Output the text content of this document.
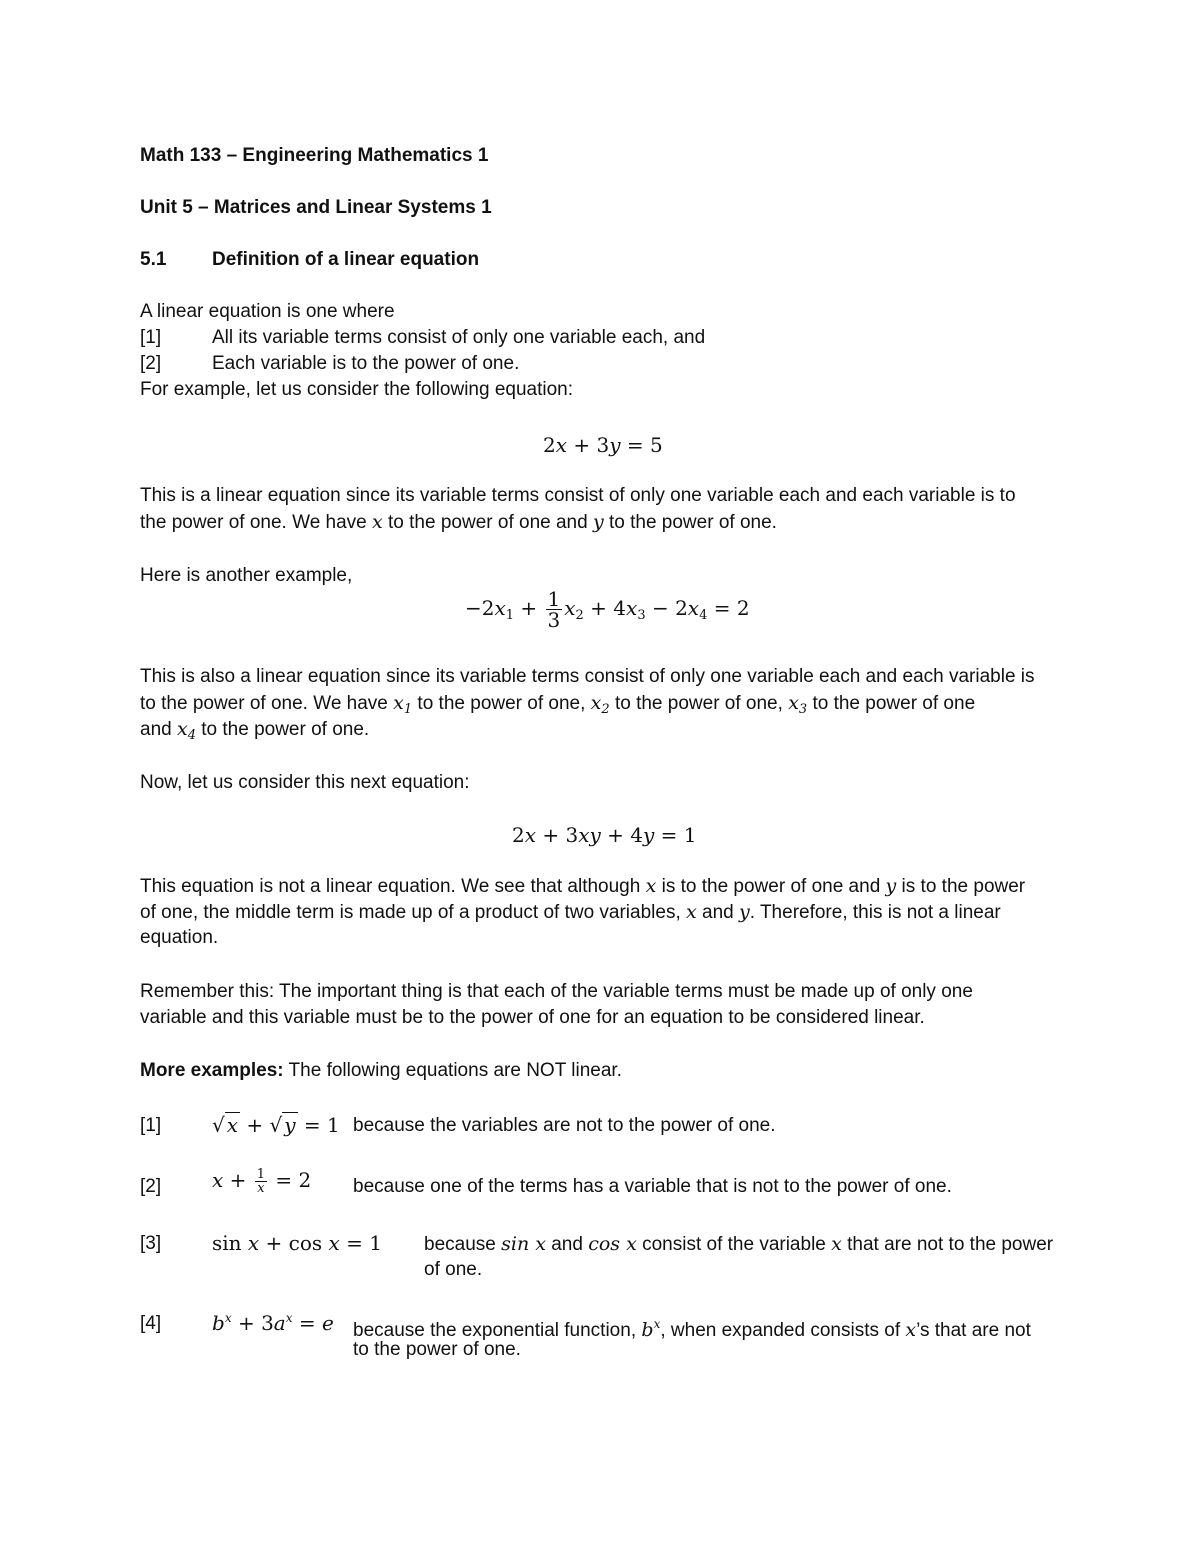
Math 133 – Engineering Mathematics 1
Unit 5 – Matrices and Linear Systems 1
5.1 Definition of a linear equation
A linear equation is one where
[1]	All its variable terms consist of only one variable each, and
[2]	Each variable is to the power of one.
For example, let us consider the following equation:
2x + 3y = 5
This is a linear equation since its variable terms consist of only one variable each and each variable is to
the power of one. We have x to the power of one and y to the power of one.
Here is another example,
$-2x_1 + \frac{1}{3} x_2 + 4x_3 - 2x_4 = 2$
This is also a linear equation since its variable terms consist of only one variable each and each variable is
to the power of one. We have $x_1$ to the power of one, $x_2$ to the power of one, $x_3$ to the power of one
and $x_4$ to the power of one.
Now, let us consider this next equation:
2x + 3xy + 4y = 1
This equation is not a linear equation. We see that although x is to the power of one and y is to the power
of one, the middle term is made up of a product of two variables, x and y. Therefore, this is not a linear
equation.
Remember this: The important thing is that each of the variable terms must be made up of only one
variable and this variable must be to the power of one for an equation to be considered linear.
More examples: The following equations are NOT linear.
[1]	√ x + √ y = 1 because the variables are not to the power of one.
[2]	$x + \frac{1}{x} = 2$ because one of the terms has a variable that is not to the power of one.
[3]	sin x + cos x = 1 because sin x and cos x consist of the variable x that are not to the power
of one.
[4]	$b^x + 3a^x = e$ because the exponential function, $b^x$, when expanded consists of x’s that are not
to the power of one.
